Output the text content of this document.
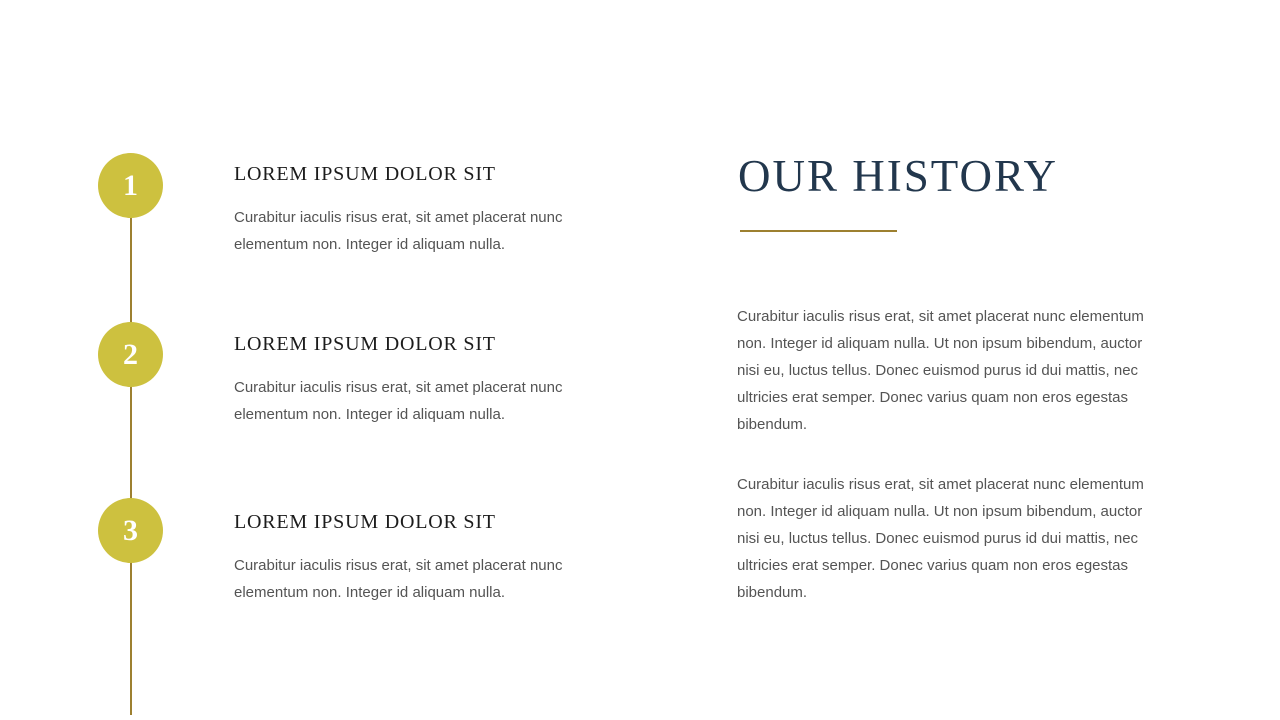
1
2
3
LOREM IPSUM DOLOR SIT
Curabitur iaculis risus erat, sit amet placerat nunc elementum non. Integer id aliquam nulla.
LOREM IPSUM DOLOR SIT
Curabitur iaculis risus erat, sit amet placerat nunc elementum non. Integer id aliquam nulla.
LOREM IPSUM DOLOR SIT
Curabitur iaculis risus erat, sit amet placerat nunc elementum non. Integer id aliquam nulla.
OUR HISTORY

Curabitur iaculis risus erat, sit amet placerat nunc elementum non. Integer id aliquam nulla. Ut non ipsum bibendum, auctor nisi eu, luctus tellus. Donec euismod purus id dui mattis, nec ultricies erat semper. Donec varius quam non eros egestas bibendum.

Curabitur iaculis risus erat, sit amet placerat nunc elementum non. Integer id aliquam nulla. Ut non ipsum bibendum, auctor nisi eu, luctus tellus. Donec euismod purus id dui mattis, nec ultricies erat semper. Donec varius quam non eros egestas bibendum.
